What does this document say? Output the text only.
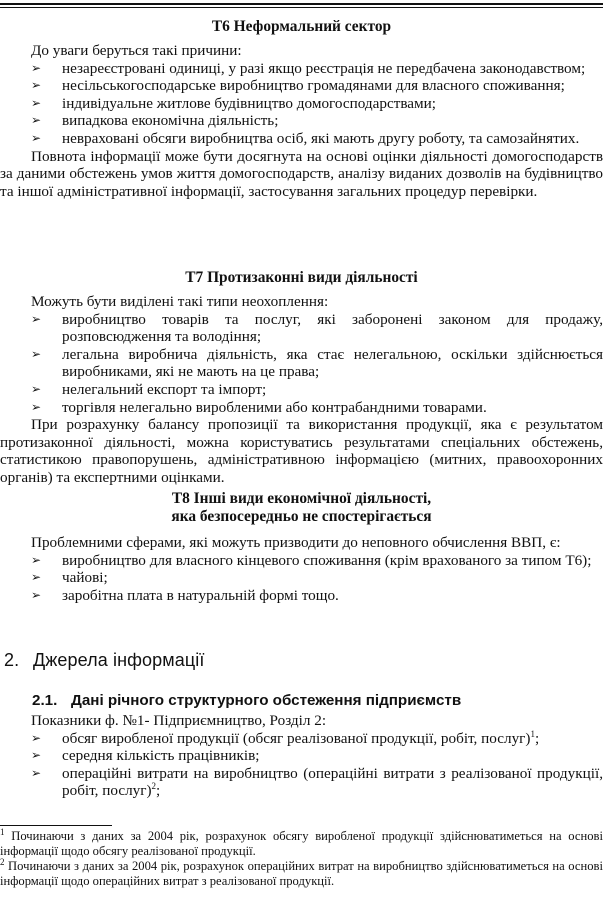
Т6 Неформальний сектор

До уваги беруться такі причини:

➢ незареєстровані одиниці, у разі якщо реєстрація не передбачена законодавством;
➢ несільськогосподарське виробництво громадянами для власного споживання;
➢ індивідуальне житлове будівництво домогосподарствами;
➢ випадкова економічна діяльність;
➢ невраховані обсяги виробництва осіб, які мають другу роботу, та самозайнятих.

Повнота інформації може бути досягнута на основі оцінки діяльності домогосподарств за даними обстежень умов життя домогосподарств, аналізу виданих дозволів на будівництво та іншої адміністративної інформації, застосування загальних процедур перевірки.

Т7 Протизаконні види діяльності

Можуть бути виділені такі типи неохоплення:

➢ виробництво товарів та послуг, які заборонені законом для продажу, розповсюдження та володіння;
➢ легальна виробнича діяльність, яка стає нелегальною, оскільки здійснюється виробниками, які не мають на це права;
➢ нелегальний експорт та імпорт;
➢ торгівля нелегально виробленими або контрабандними товарами.

При розрахунку балансу пропозиції та використання продукції, яка є результатом протизаконної діяльності, можна користуватись результатами спеціальних обстежень, статистикою правопорушень, адміністративною інформацією (митних, правоохоронних органів) та експертними оцінками.

Т8 Інші види економічної діяльності,
яка безпосередньо не спостерігається

Проблемними сферами, які можуть призводити до неповного обчислення ВВП, є:

➢ виробництво для власного кінцевого споживання (крім врахованого за типом Т6);
➢ чайові;
➢ заробітна плата в натуральній формі тощо.
2. Джерела інформації
2.1. Дані річного структурного обстеження підприємств

Показники ф. №1- Підприємництво, Розділ 2:

➢ обсяг виробленої продукції (обсяг реалізованої продукції, робіт, послуг)$^1$;
➢ середня кількість працівників;
➢ операційні витрати на виробництво (операційні витрати з реалізованої продукції, робіт, послуг)$^2$;

$^1$ Починаючи з даних за 2004 рік, розрахунок обсягу виробленої продукції здійснюватиметься на основі інформації щодо обсягу реалізованої продукції.

$^2$ Починаючи з даних за 2004 рік, розрахунок операційних витрат на виробництво здійснюватиметься на основі інформації щодо операційних витрат з реалізованої продукції.
